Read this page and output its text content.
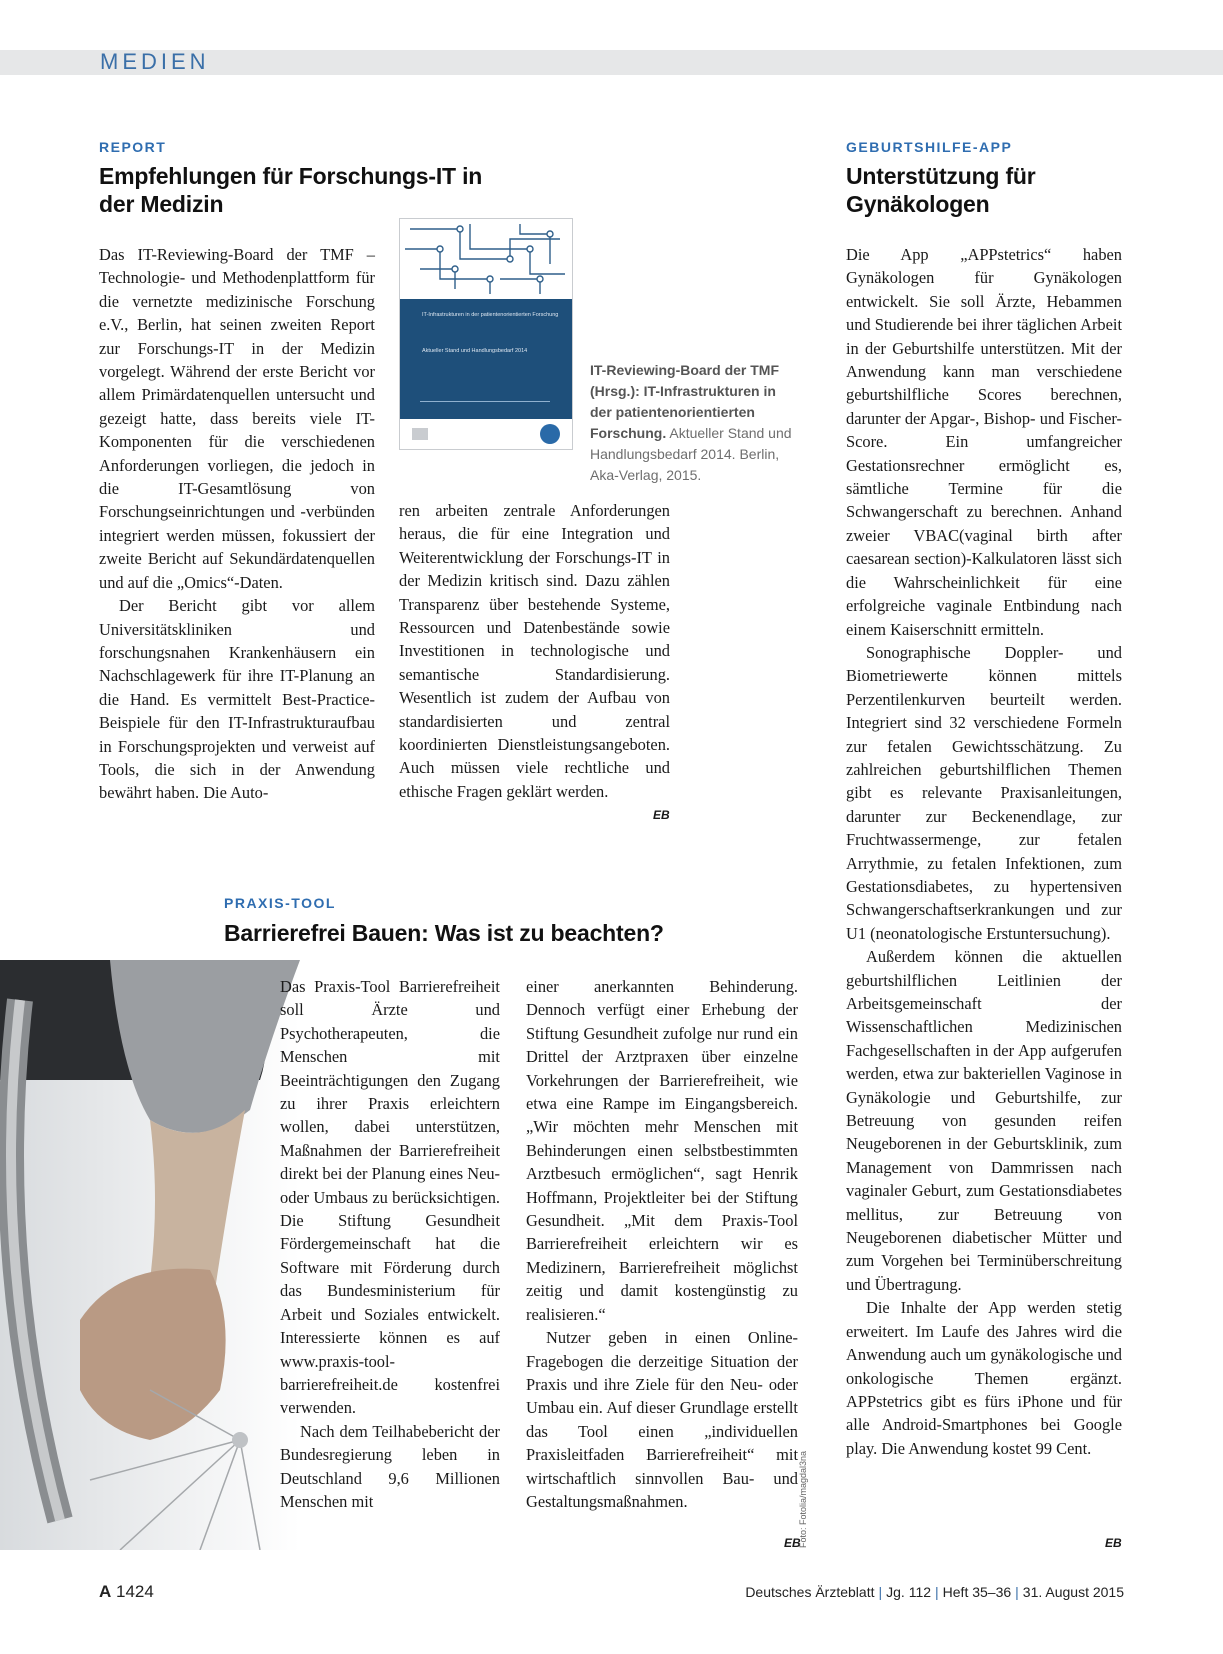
MEDIEN
REPORT
Empfehlungen für Forschungs-IT in der Medizin

Das IT-Reviewing-Board der TMF – Technologie- und Methodenplattform für die vernetzte medizinische Forschung e.V., Berlin, hat seinen zweiten Report zur Forschungs-IT in der Medizin vorgelegt. Während der erste Bericht vor allem Primärdatenquellen untersucht und gezeigt hatte, dass bereits viele IT-Komponenten für die verschiedenen Anforderungen vorliegen, die jedoch in die IT-Gesamtlösung von Forschungseinrichtungen und -verbünden integriert werden müssen, fokussiert der zweite Bericht auf Sekundärdatenquellen und auf die „Omics“-Daten.

Der Bericht gibt vor allem Universitätskliniken und forschungsnahen Krankenhäusern ein Nachschlagewerk für ihre IT-Planung an die Hand. Es vermittelt Best-Practice-Beispiele für den IT-Infrastrukturaufbau in Forschungsprojekten und verweist auf Tools, die sich in der Anwendung bewährt haben. Die Auto-

IT-Infrastrukturen in der patientenorientierten Forschung
Aktueller Stand und Handlungsbedarf 2014
IT-Reviewing-Board der TMF (Hrsg.): IT-Infrastrukturen in der patientenorientierten Forschung. Aktueller Stand und Handlungsbedarf 2014. Berlin, Aka-Verlag, 2015.

ren arbeiten zentrale Anforderungen heraus, die für eine Integration und Weiterentwicklung der Forschungs-IT in der Medizin kritisch sind. Dazu zählen Transparenz über bestehende Systeme, Ressourcen und Datenbestände sowie Investitionen in technologische und semantische Standardisierung. Wesentlich ist zudem der Aufbau von standardisierten und zentral koordinierten Dienstleistungsangeboten. Auch müssen viele rechtliche und ethische Fragen geklärt werden.

EB
GEBURTSHILFE-APP
Unterstützung für Gynäkologen

Die App „APPstetrics“ haben Gynäkologen für Gynäkologen entwickelt. Sie soll Ärzte, Hebammen und Studierende bei ihrer täglichen Arbeit in der Geburtshilfe unterstützen. Mit der Anwendung kann man verschiedene geburtshilfliche Scores berechnen, darunter der Apgar-, Bishop- und Fischer-Score. Ein umfangreicher Gestationsrechner ermöglicht es, sämtliche Termine für die Schwangerschaft zu berechnen. Anhand zweier VBAC(vaginal birth after caesarean section)-Kalkulatoren lässt sich die Wahrscheinlichkeit für eine erfolgreiche vaginale Entbindung nach einem Kaiserschnitt ermitteln.

Sonographische Doppler- und Biometriewerte können mittels Perzentilenkurven beurteilt werden. Integriert sind 32 verschiedene Formeln zur fetalen Gewichtsschätzung. Zu zahlreichen geburtshilflichen Themen gibt es relevante Praxisanleitungen, darunter zur Beckenendlage, zur Fruchtwassermenge, zur fetalen Arrythmie, zu fetalen Infektionen, zum Gestationsdiabetes, zu hypertensiven Schwangerschaftserkrankungen und zur U1 (neonatologische Erstuntersuchung).

Außerdem können die aktuellen geburtshilflichen Leitlinien der Arbeitsgemeinschaft der Wissenschaftlichen Medizinischen Fachgesellschaften in der App aufgerufen werden, etwa zur bakteriellen Vaginose in Gynäkologie und Geburtshilfe, zur Betreuung von gesunden reifen Neugeborenen in der Geburtsklinik, zum Management von Dammrissen nach vaginaler Geburt, zum Gestationsdiabetes mellitus, zur Betreuung von Neugeborenen diabetischer Mütter und zum Vorgehen bei Terminüberschreitung und Übertragung.

Die Inhalte der App werden stetig erweitert. Im Laufe des Jahres wird die Anwendung auch um gynäkologische und onkologische Themen ergänzt. APPstetrics gibt es fürs iPhone und für alle Android-Smartphones bei Google play. Die Anwendung kostet 99 Cent.

EB
PRAXIS-TOOL
Barrierefrei Bauen: Was ist zu beachten?

Das Praxis-Tool Barrierefreiheit soll Ärzte und Psychotherapeuten, die Menschen mit Beeinträchtigungen den Zugang zu ihrer Praxis erleichtern wollen, dabei unterstützen, Maßnahmen der Barrierefreiheit direkt bei der Planung eines Neu- oder Umbaus zu berücksichtigen. Die Stiftung Gesundheit Fördergemeinschaft hat die Software mit Förderung durch das Bundesministerium für Arbeit und Soziales entwickelt. Interessierte können es auf www.praxis-tool-barrierefreiheit.de kostenfrei verwenden.

Nach dem Teilhabebericht der Bundesregierung leben in Deutschland 9,6 Millionen Menschen mit

einer anerkannten Behinderung. Dennoch verfügt einer Erhebung der Stiftung Gesundheit zufolge nur rund ein Drittel der Arztpraxen über einzelne Vorkehrungen der Barrierefreiheit, wie etwa eine Rampe im Eingangsbereich. „Wir möchten mehr Menschen mit Behinderungen einen selbstbestimmten Arztbesuch ermöglichen“, sagt Henrik Hoffmann, Projektleiter bei der Stiftung Gesundheit. „Mit dem Praxis-Tool Barrierefreiheit erleichtern wir es Medizinern, Barrierefreiheit möglichst zeitig und damit kostengünstig zu realisieren.“

Nutzer geben in einen Online-Fragebogen die derzeitige Situation der Praxis und ihre Ziele für den Neu- oder Umbau ein. Auf dieser Grundlage erstellt das Tool einen „individuellen Praxisleitfaden Barrierefreiheit“ mit wirtschaftlich sinnvollen Bau- und Gestaltungsmaßnahmen.

EB
Foto: Fotolia/magdal3na
A 1424	Deutsches Ärzteblatt | Jg. 112 | Heft 35–36 | 31. August 2015
